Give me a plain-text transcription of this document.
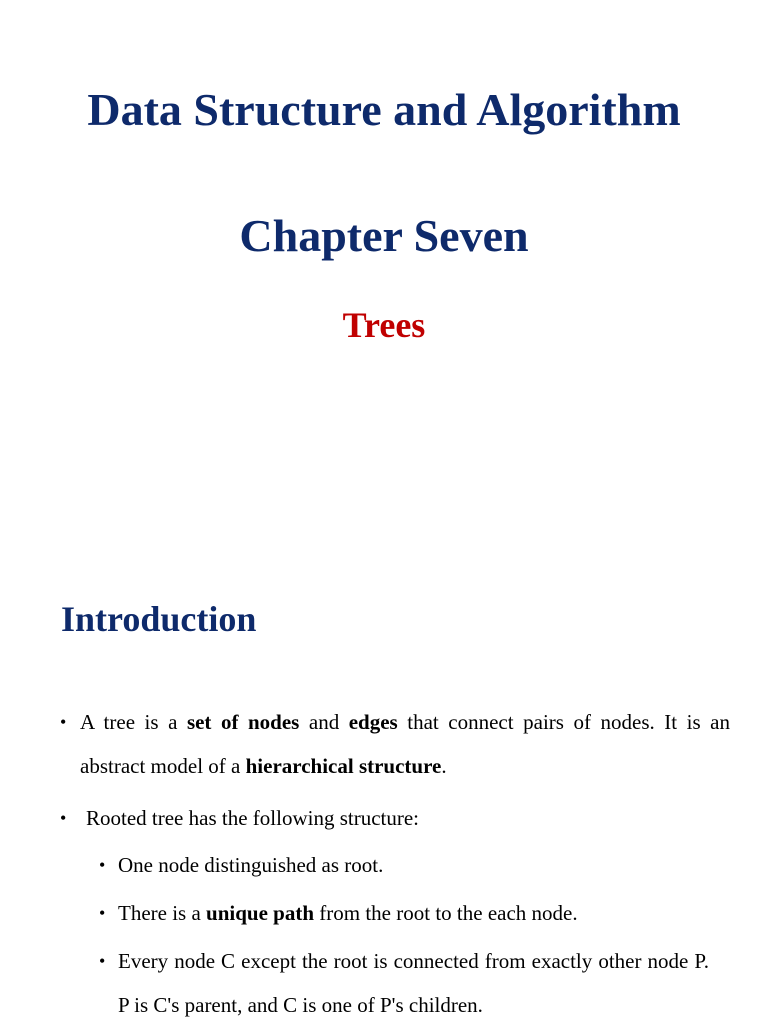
Data Structure and Algorithm
Chapter Seven
Trees
Introduction
• A tree is a set of nodes and edges that connect pairs of nodes. It is an abstract model of a hierarchical structure.
• Rooted tree has the following structure:
• One node distinguished as root.
• There is a unique path from the root to the each node.
• Every node C except the root is connected from exactly other node P. P is C's parent, and C is one of P's children.
